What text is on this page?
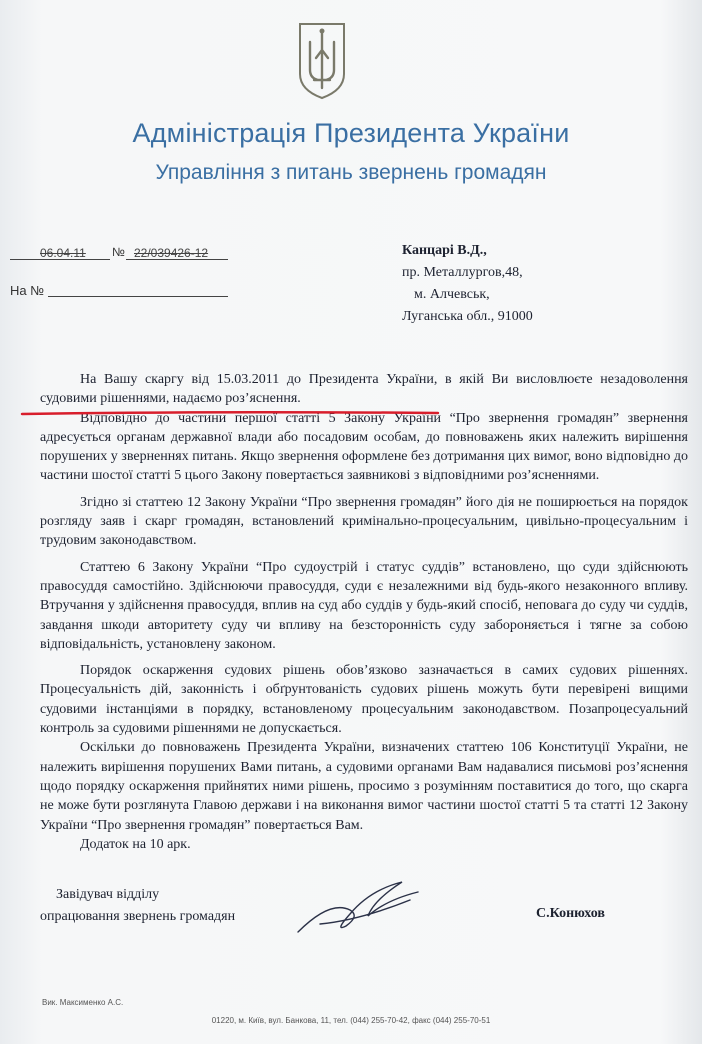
Адміністрація Президента України
Управління з питань звернень громадян
06.04.11 № 22/039426-12
На №
Канцарі В.Д.,
пр. Металлургов,48,
м. Алчевськ,
Луганська обл., 91000

На Вашу скаргу від 15.03.2011 до Президента України, в якій Ви висловлюєте незадоволення судовими рішеннями, надаємо роз’яснення.

Відповідно до частини першої статті 5 Закону України “Про звернення громадян” звернення адресується органам державної влади або посадовим особам, до повноважень яких належить вирішення порушених у зверненнях питань. Якщо звернення оформлене без дотримання цих вимог, воно відповідно до частини шостої статті 5 цього Закону повертається заявникові з відповідними роз’ясненнями.

Згідно зі статтею 12 Закону України “Про звернення громадян” його дія не поширюється на порядок розгляду заяв і скарг громадян, встановлений кримінально-процесуальним, цивільно-процесуальним і трудовим законодавством.

Статтею 6 Закону України “Про судоустрій і статус суддів” встановлено, що суди здійснюють правосуддя самостійно. Здійснюючи правосуддя, суди є незалежними від будь-якого незаконного впливу. Втручання у здійснення правосуддя, вплив на суд або суддів у будь-який спосіб, неповага до суду чи суддів, завдання шкоди авторитету суду чи впливу на безсторонність суду забороняється і тягне за собою відповідальність, установлену законом.

Порядок оскарження судових рішень обов’язково зазначається в самих судових рішеннях. Процесуальність дій, законність і обґрунтованість судових рішень можуть бути перевірені вищими судовими інстанціями в порядку, встановленому процесуальним законодавством. Позапроцесуальний контроль за судовими рішеннями не допускається.

Оскільки до повноважень Президента України, визначених статтею 106 Конституції України, не належить вирішення порушених Вами питань, а судовими органами Вам надавалися письмові роз’яснення щодо порядку оскарження прийнятих ними рішень, просимо з розумінням поставитися до того, що скарга не може бути розглянута Главою держави і на виконання вимог частини шостої статті 5 та статті 12 Закону України “Про звернення громадян” повертається Вам.

Додаток на 10 арк.

Завідувач відділу
опрацювання звернень громадян	С.Конюхов
Вик. Максименко А.С.
01220, м. Київ, вул. Банкова, 11, тел. (044) 255-70-42, факс (044) 255-70-51
